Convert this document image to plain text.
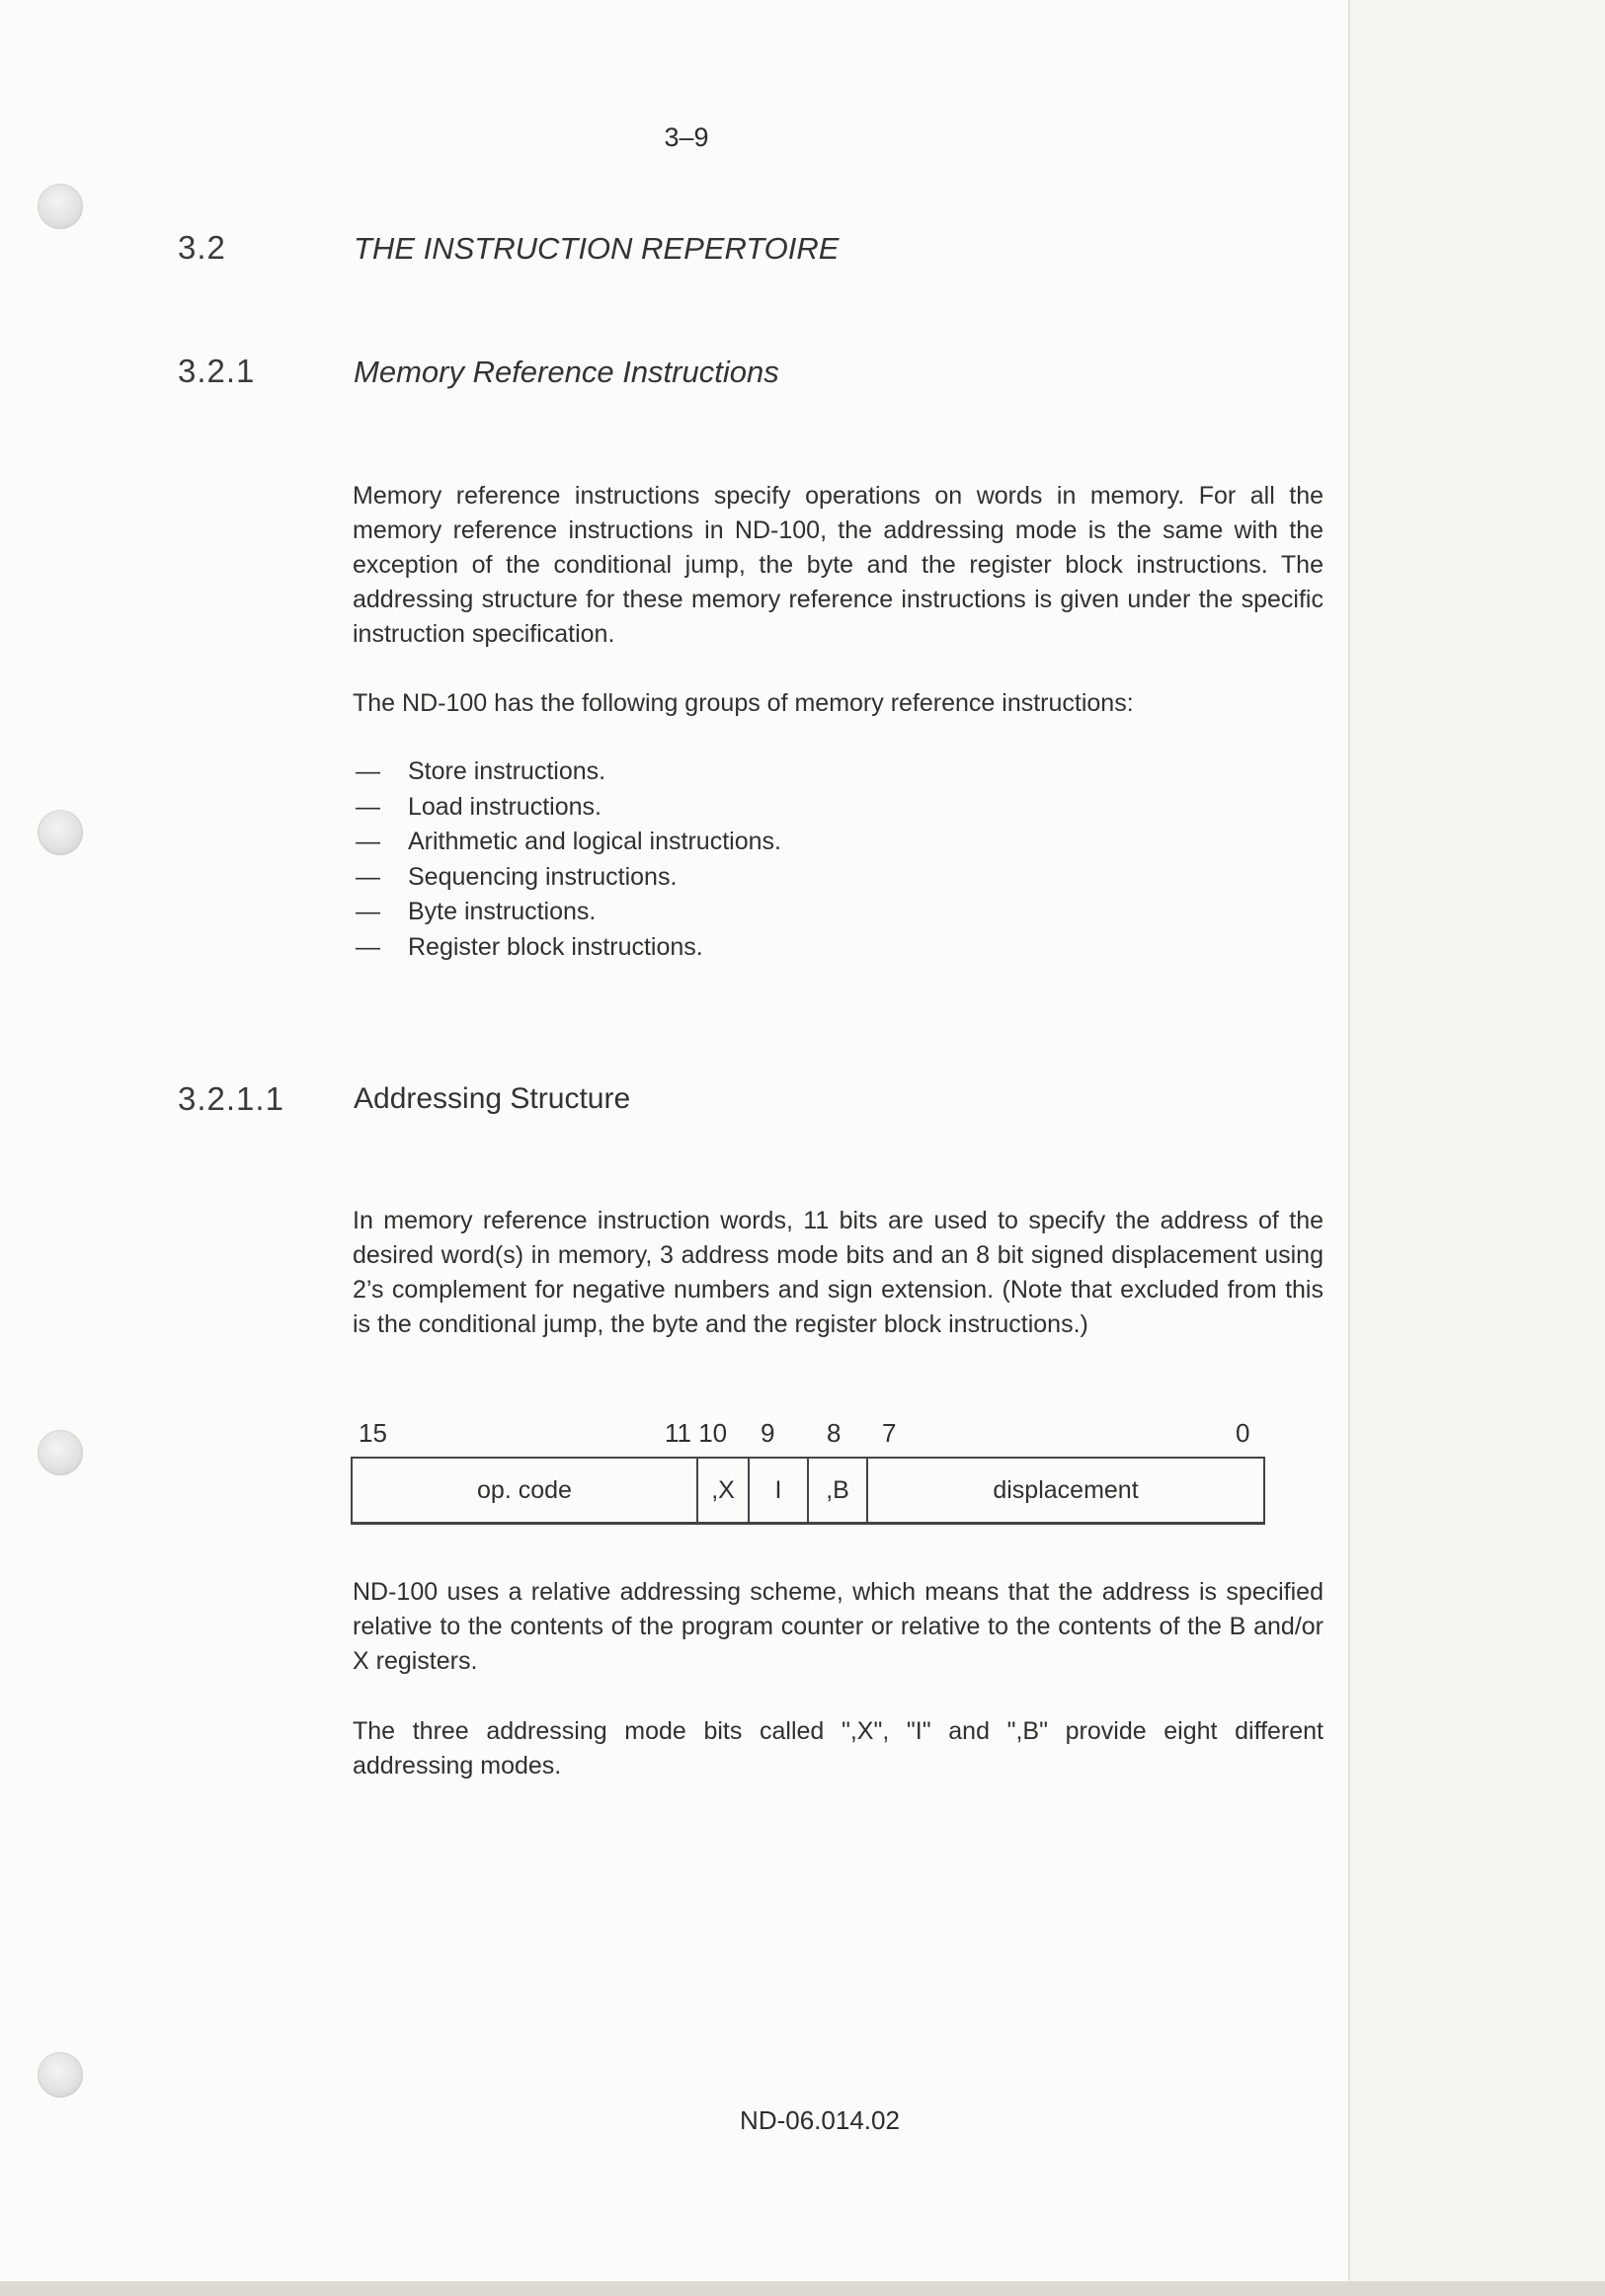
3–9
3.2	THE INSTRUCTION REPERTOIRE
3.2.1	Memory Reference Instructions

Memory reference instructions specify operations on words in memory. For all the memory reference instructions in ND-100, the addressing mode is the same with the exception of the conditional jump, the byte and the register block instructions. The addressing structure for these memory reference instructions is given under the specific instruction specification.

The ND-100 has the following groups of memory reference instructions:

— Store instructions.
— Load instructions.
— Arithmetic and logical instructions.
— Sequencing instructions.
— Byte instructions.
— Register block instructions.
3.2.1.1 Addressing Structure

In memory reference instruction words, 11 bits are used to specify the address of the desired word(s) in memory, 3 address mode bits and an 8 bit signed displacement using 2’s complement for negative numbers and sign extension. (Note that excluded from this is the conditional jump, the byte and the register block instructions.)

15	11 10 9 8 7	0
op. code	,X	I	,B	displacement

ND-100 uses a relative addressing scheme, which means that the address is specified relative to the contents of the program counter or relative to the contents of the B and/or X registers.

The three addressing mode bits called ",X", "I" and ",B" provide eight different addressing modes.

ND-06.014.02
